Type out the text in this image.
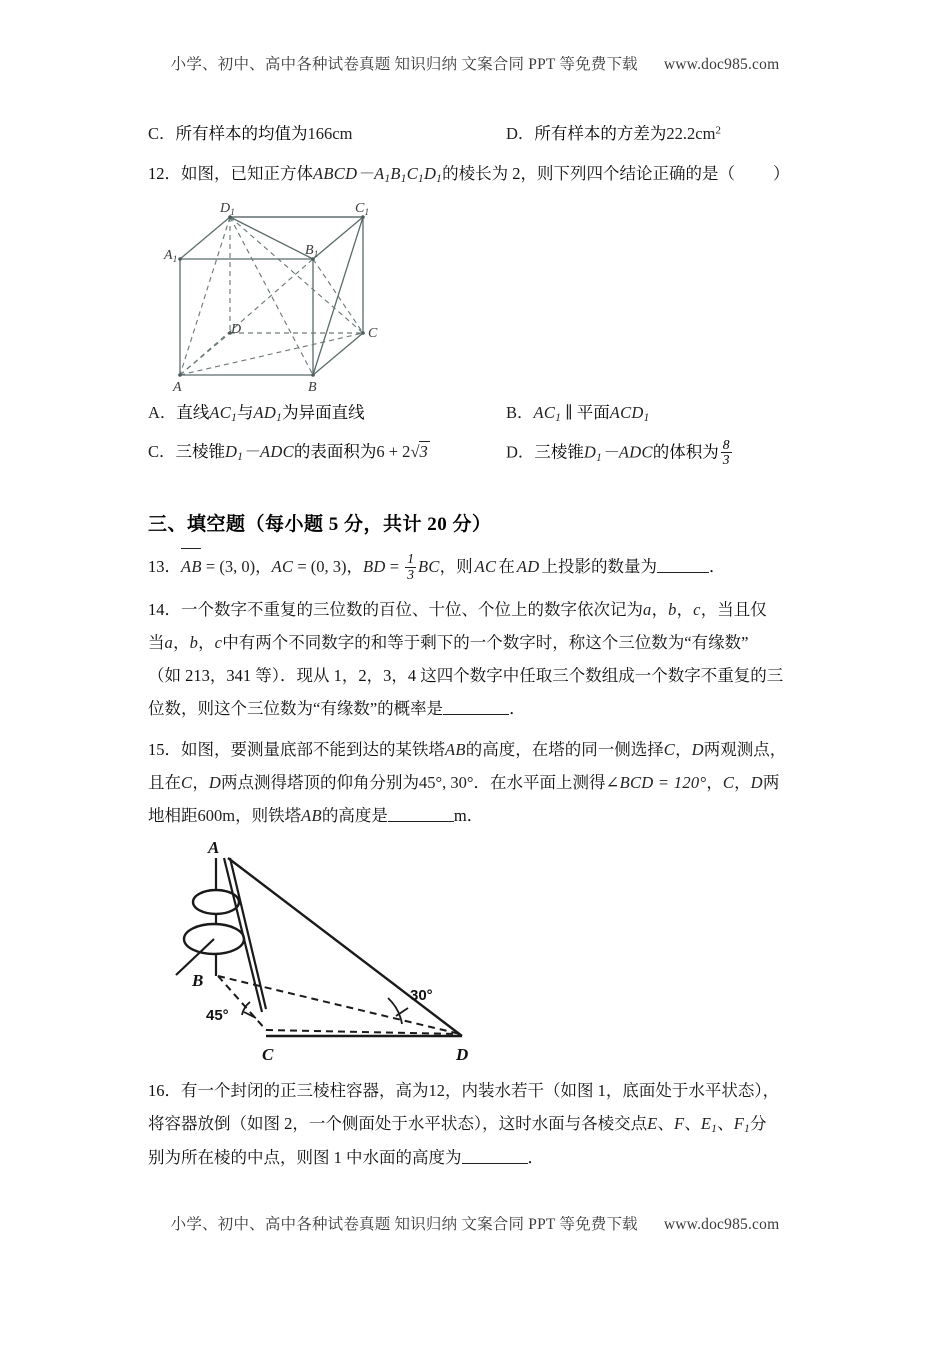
小学、初中、高中各种试卷真题 知识归纳 文案合同 PPT 等免费下载 www.doc985.com
C．所有样本的均值为166cm	D．所有样本的方差为$22.2cm^2$
12．如图，已知正方体$ABCD-A_1B_1C_1D_1$的棱长为 2，则下列四个结论正确的是（ ）
$D_1$	$C_1$
$A_1$
$B_1$
D	C
A	B
A．直线$AC_1$与$AD_1$为异面直线	B．$AC_1$ ∥ 平面$ACD_1$
C．三棱锥$D_1-ADC$的表面积为6 + 2√3	D．三棱锥$D_1-ADC$的体积为 $\frac{8}{3}$
三、填空题（每小题 5 分，共计 20 分）
13．AB = (3, 0)，AC = (0, 3)，BD = $\frac{1}{3}$ BC，则 AC 在 AD 上投影的数量为	．
14．一个数字不重复的三位数的百位、十位、个位上的数字依次记为a，b，c，当且仅
当a，b，c中有两个不同数字的和等于剩下的一个数字时，称这个三位数为“有缘数”
（如 213，341 等）．现从 1，2，3，4 这四个数字中任取三个数组成一个数字不重复的三
位数，则这个三位数为“有缘数”的概率是	．
15．如图，要测量底部不能到达的某铁塔AB的高度，在塔的同一侧选择C，D两观测点，
且在C，D两点测得塔顶的仰角分别为45°, 30°．在水平面上测得∠BCD = 120°，C，D两
地相距600m，则铁塔AB的高度是	m．
A
B
C	D
45°
30°
16．有一个封闭的正三棱柱容器，高为12，内装水若干（如图 1，底面处于水平状态），
将容器放倒（如图 2，一个侧面处于水平状态），这时水面与各棱交点E、F、$E_1$、$F_1$分
别为所在棱的中点，则图 1 中水面的高度为	．
小学、初中、高中各种试卷真题 知识归纳 文案合同 PPT 等免费下载 www.doc985.com
